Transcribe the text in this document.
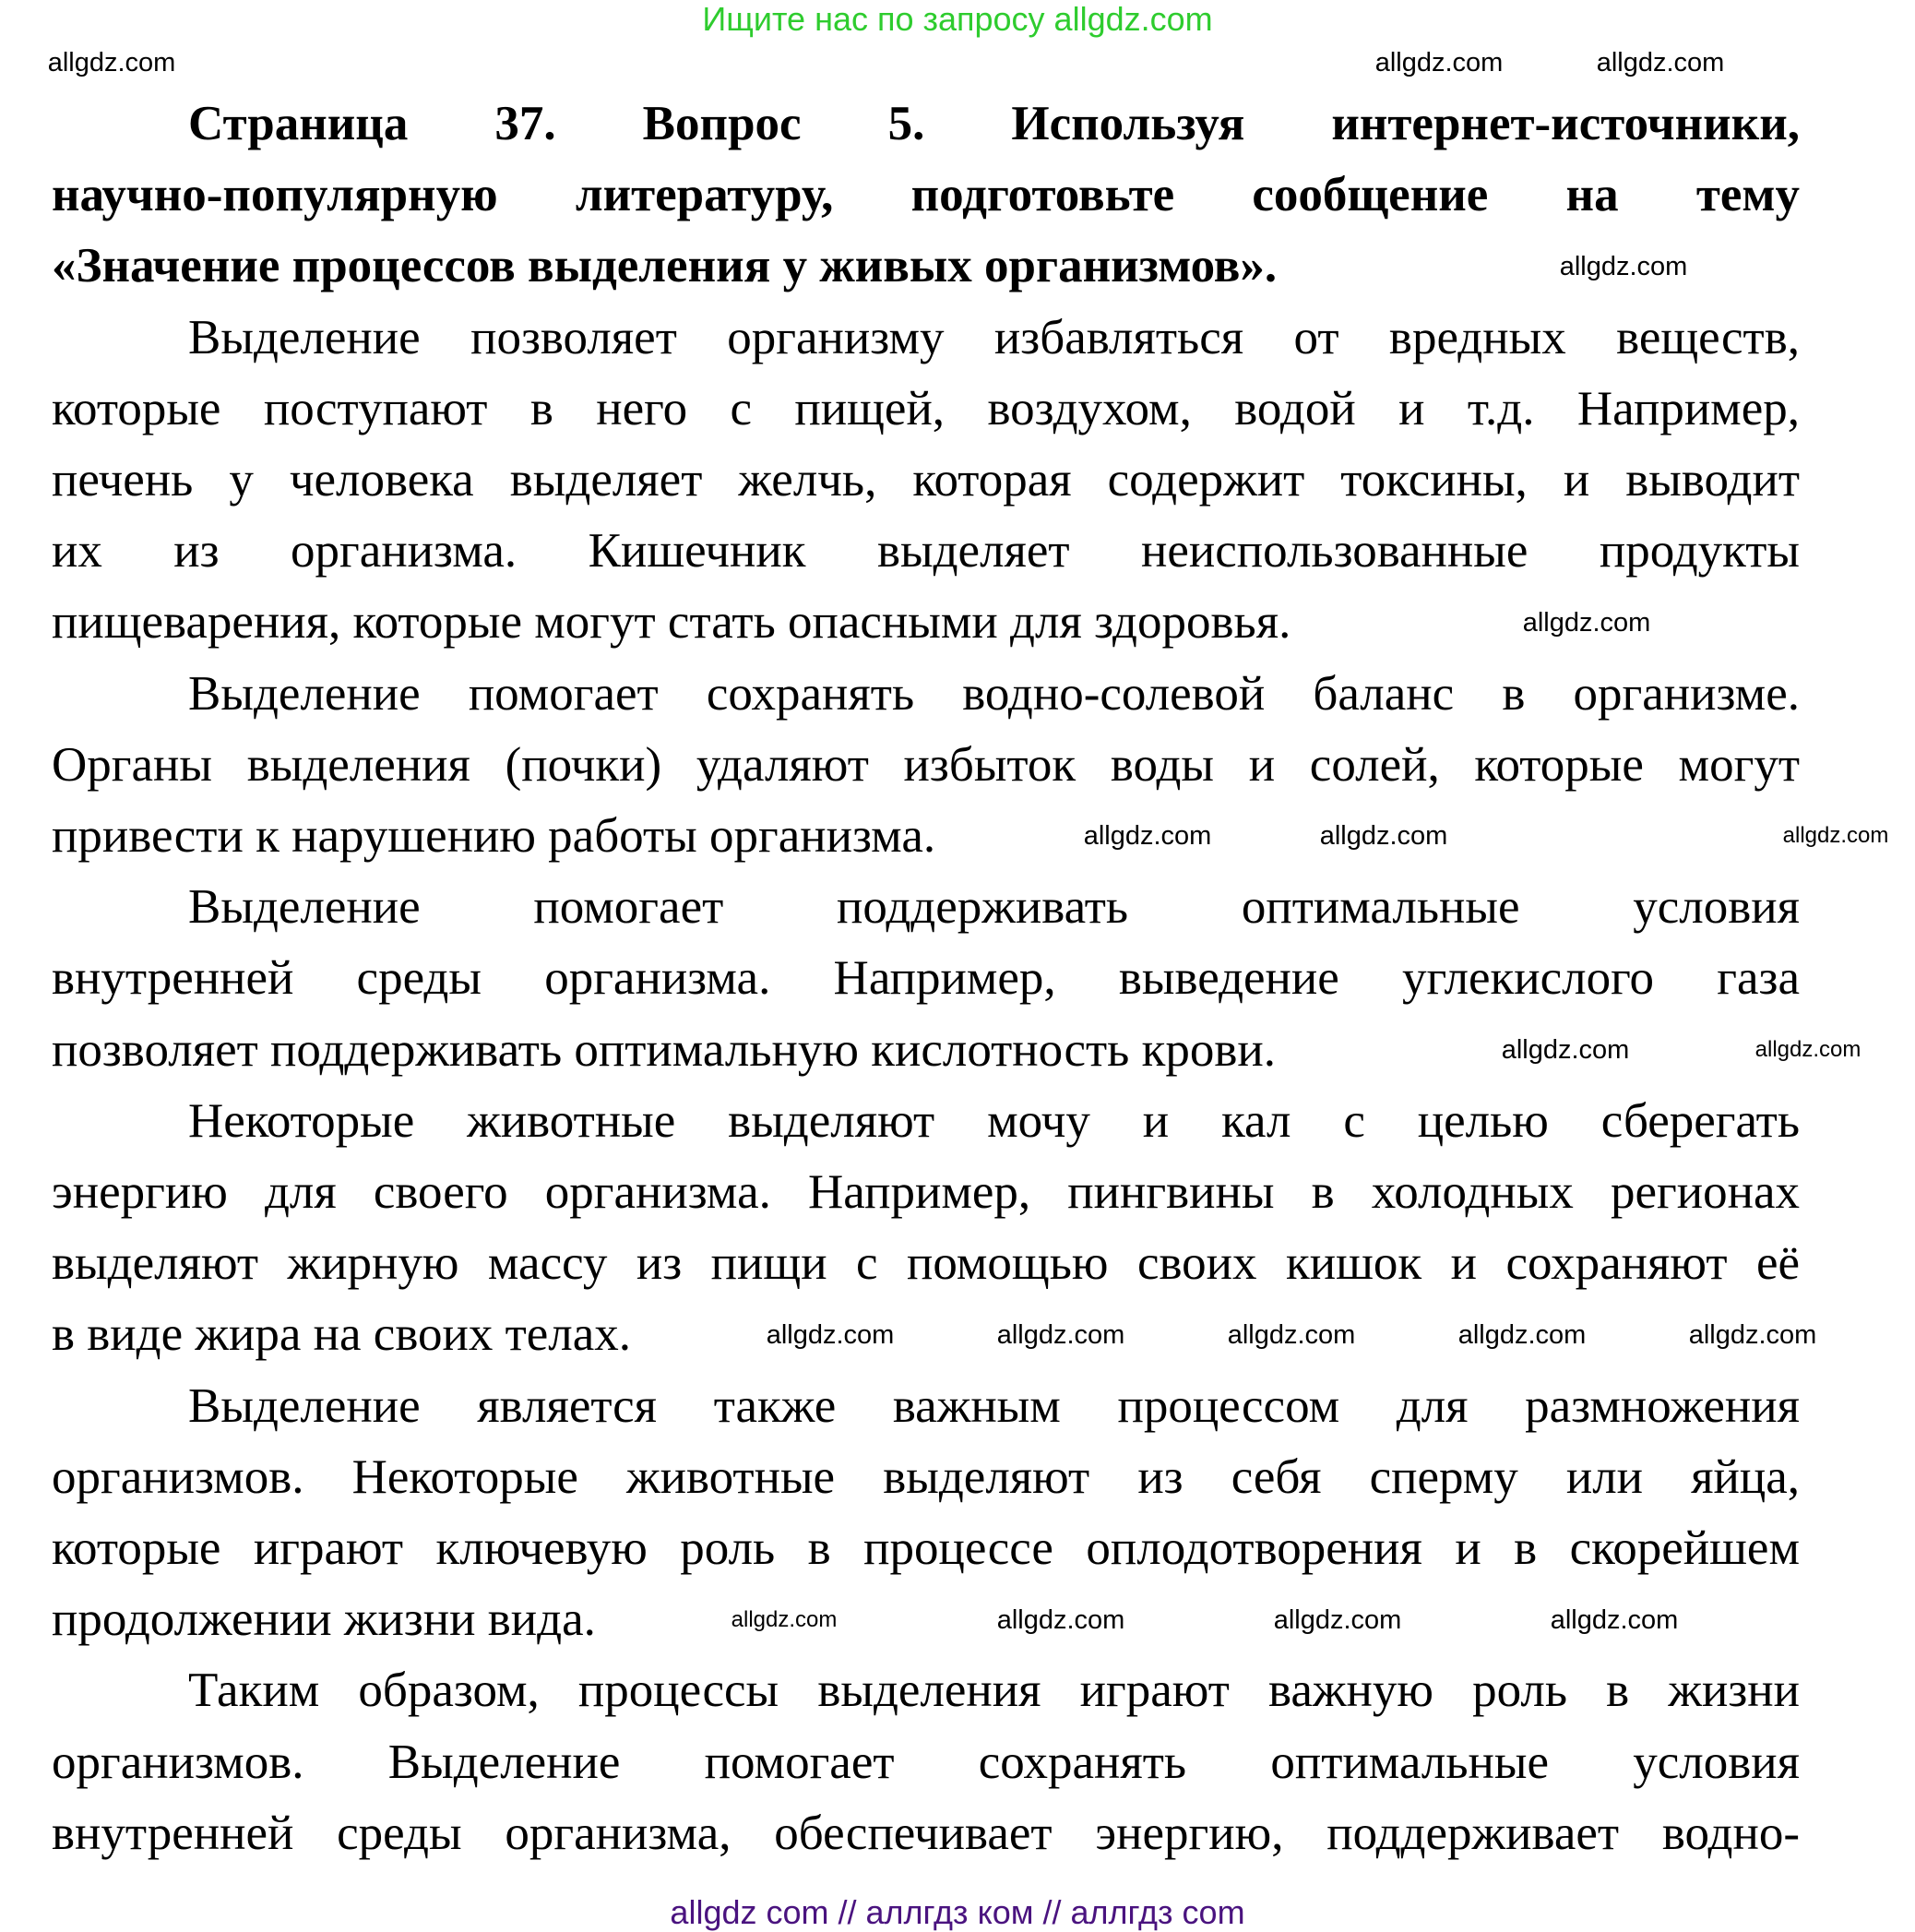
Ищите нас по запросу allgdz.com
Страница 37. Вопрос 5. Используя интернет-источники,
научно-популярную литературу, подготовьте сообщение на тему
«Значение процессов выделения у живых организмов».
Выделение позволяет организму избавляться от вредных веществ,
которые поступают в него с пищей, воздухом, водой и т.д. Например,
печень у человека выделяет желчь, которая содержит токсины, и выводит
их из организма. Кишечник выделяет неиспользованные продукты
пищеварения, которые могут стать опасными для здоровья.
Выделение помогает сохранять водно-солевой баланс в организме.
Органы выделения (почки) удаляют избыток воды и солей, которые могут
привести к нарушению работы организма.
Выделение помогает поддерживать оптимальные условия
внутренней среды организма. Например, выведение углекислого газа
позволяет поддерживать оптимальную кислотность крови.
Некоторые животные выделяют мочу и кал с целью сберегать
энергию для своего организма. Например, пингвины в холодных регионах
выделяют жирную массу из пищи с помощью своих кишок и сохраняют её
в виде жира на своих телах.
Выделение является также важным процессом для размножения
организмов. Некоторые животные выделяют из себя сперму или яйца,
которые играют ключевую роль в процессе оплодотворения и в скорейшем
продолжении жизни вида.
Таким образом, процессы выделения играют важную роль в жизни
организмов. Выделение помогает сохранять оптимальные условия
внутренней среды организма, обеспечивает энергию, поддерживает водно-
allgdz.com	allgdz.com
allgdz.com
allgdz.com
allgdz.com
allgdz.com	allgdz.com	allgdz.com
allgdz.com
allgdz.com	allgdz.com
allgdz.com
allgdz.com	allgdz.com	allgdz.com
allgdz.com	allgdz.com	allgdz.com	allgdz.com
allgdz com // аллгдз ком // аллгдз com
